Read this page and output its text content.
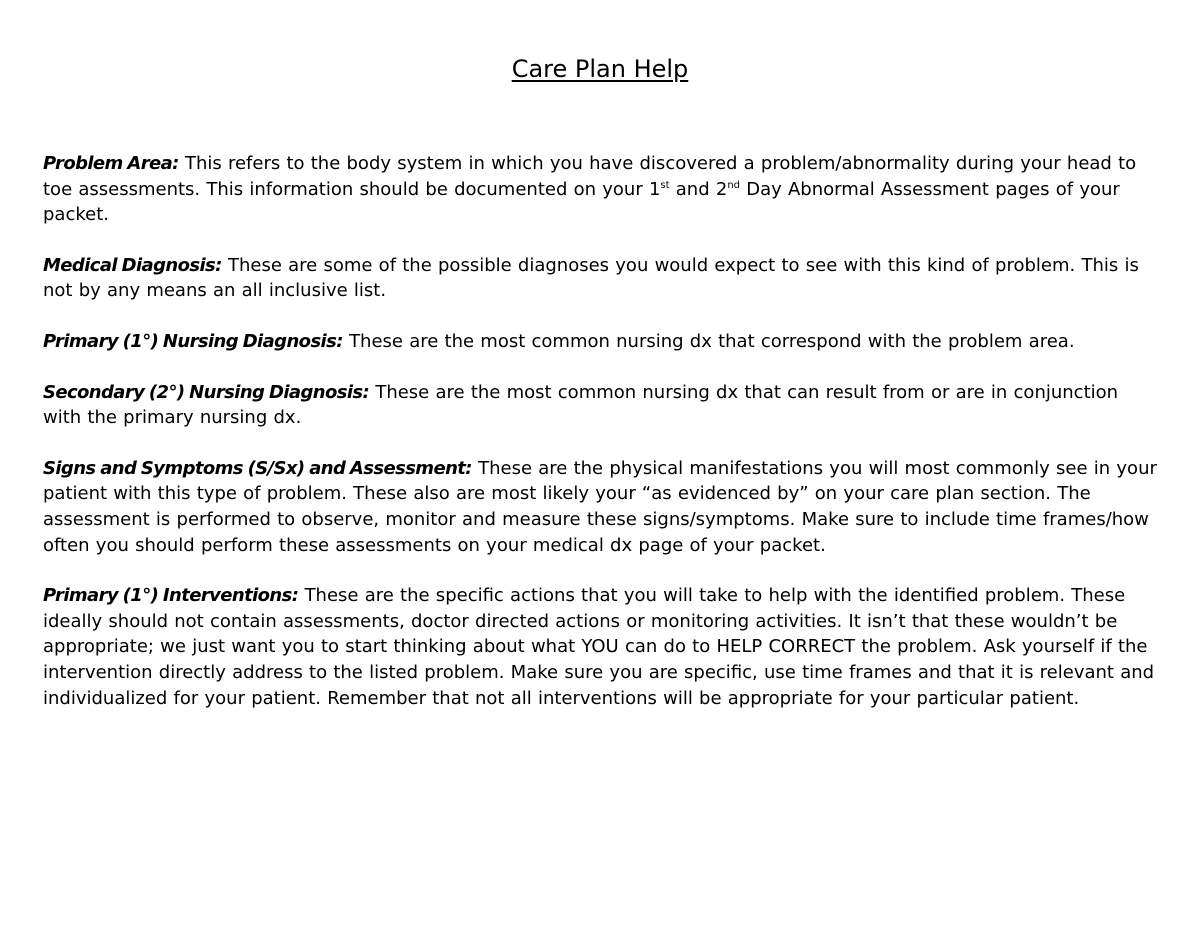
Care Plan Help

Problem Area: This refers to the body system in which you have discovered a problem/abnormality during your head to toe assessments. This information should be documented on your 1st and 2nd Day Abnormal Assessment pages of your packet.

Medical Diagnosis: These are some of the possible diagnoses you would expect to see with this kind of problem. This is not by any means an all inclusive list.

Primary (1°) Nursing Diagnosis: These are the most common nursing dx that correspond with the problem area.

Secondary (2°) Nursing Diagnosis: These are the most common nursing dx that can result from or are in conjunction with the primary nursing dx.

Signs and Symptoms (S/Sx) and Assessment: These are the physical manifestations you will most commonly see in your patient with this type of problem. These also are most likely your “as evidenced by” on your care plan section. The assessment is performed to observe, monitor and measure these signs/symptoms. Make sure to include time frames/how often you should perform these assessments on your medical dx page of your packet.

Primary (1°) Interventions: These are the specific actions that you will take to help with the identified problem. These ideally should not contain assessments, doctor directed actions or monitoring activities. It isn’t that these wouldn’t be appropriate; we just want you to start thinking about what YOU can do to HELP CORRECT the problem. Ask yourself if the intervention directly address to the listed problem. Make sure you are specific, use time frames and that it is relevant and individualized for your patient. Remember that not all interventions will be appropriate for your particular patient.
